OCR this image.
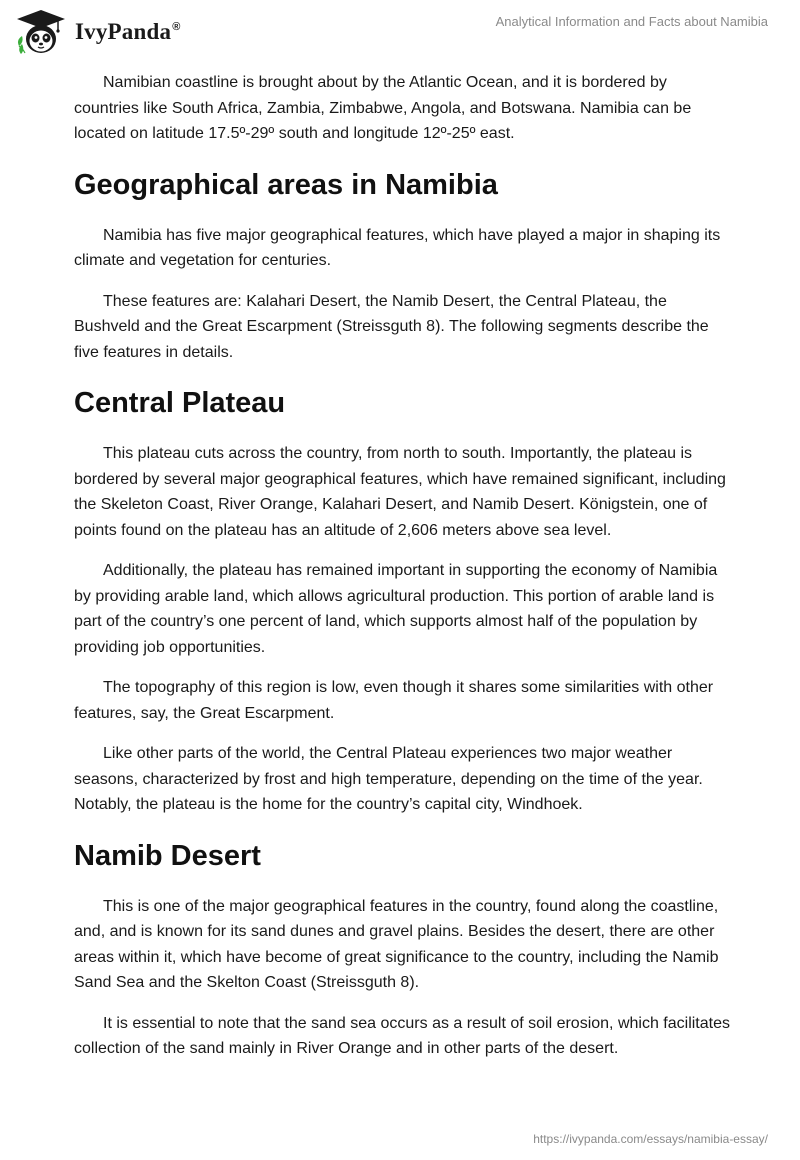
IvyPanda®	Analytical Information and Facts about Namibia

Namibian coastline is brought about by the Atlantic Ocean, and it is bordered by countries like South Africa, Zambia, Zimbabwe, Angola, and Botswana. Namibia can be located on latitude 17.5º-29º south and longitude 12º-25º east.

Geographical areas in Namibia

Namibia has five major geographical features, which have played a major in shaping its climate and vegetation for centuries.

These features are: Kalahari Desert, the Namib Desert, the Central Plateau, the Bushveld and the Great Escarpment (Streissguth 8). The following segments describe the five features in details.

Central Plateau

This plateau cuts across the country, from north to south. Importantly, the plateau is bordered by several major geographical features, which have remained significant, including the Skeleton Coast, River Orange, Kalahari Desert, and Namib Desert. Königstein, one of points found on the plateau has an altitude of 2,606 meters above sea level.

Additionally, the plateau has remained important in supporting the economy of Namibia by providing arable land, which allows agricultural production. This portion of arable land is part of the country’s one percent of land, which supports almost half of the population by providing job opportunities.

The topography of this region is low, even though it shares some similarities with other features, say, the Great Escarpment.

Like other parts of the world, the Central Plateau experiences two major weather seasons, characterized by frost and high temperature, depending on the time of the year. Notably, the plateau is the home for the country’s capital city, Windhoek.

Namib Desert

This is one of the major geographical features in the country, found along the coastline, and, and is known for its sand dunes and gravel plains. Besides the desert, there are other areas within it, which have become of great significance to the country, including the Namib Sand Sea and the Skelton Coast (Streissguth 8).

It is essential to note that the sand sea occurs as a result of soil erosion, which facilitates collection of the sand mainly in River Orange and in other parts of the desert.

https://ivypanda.com/essays/namibia-essay/
